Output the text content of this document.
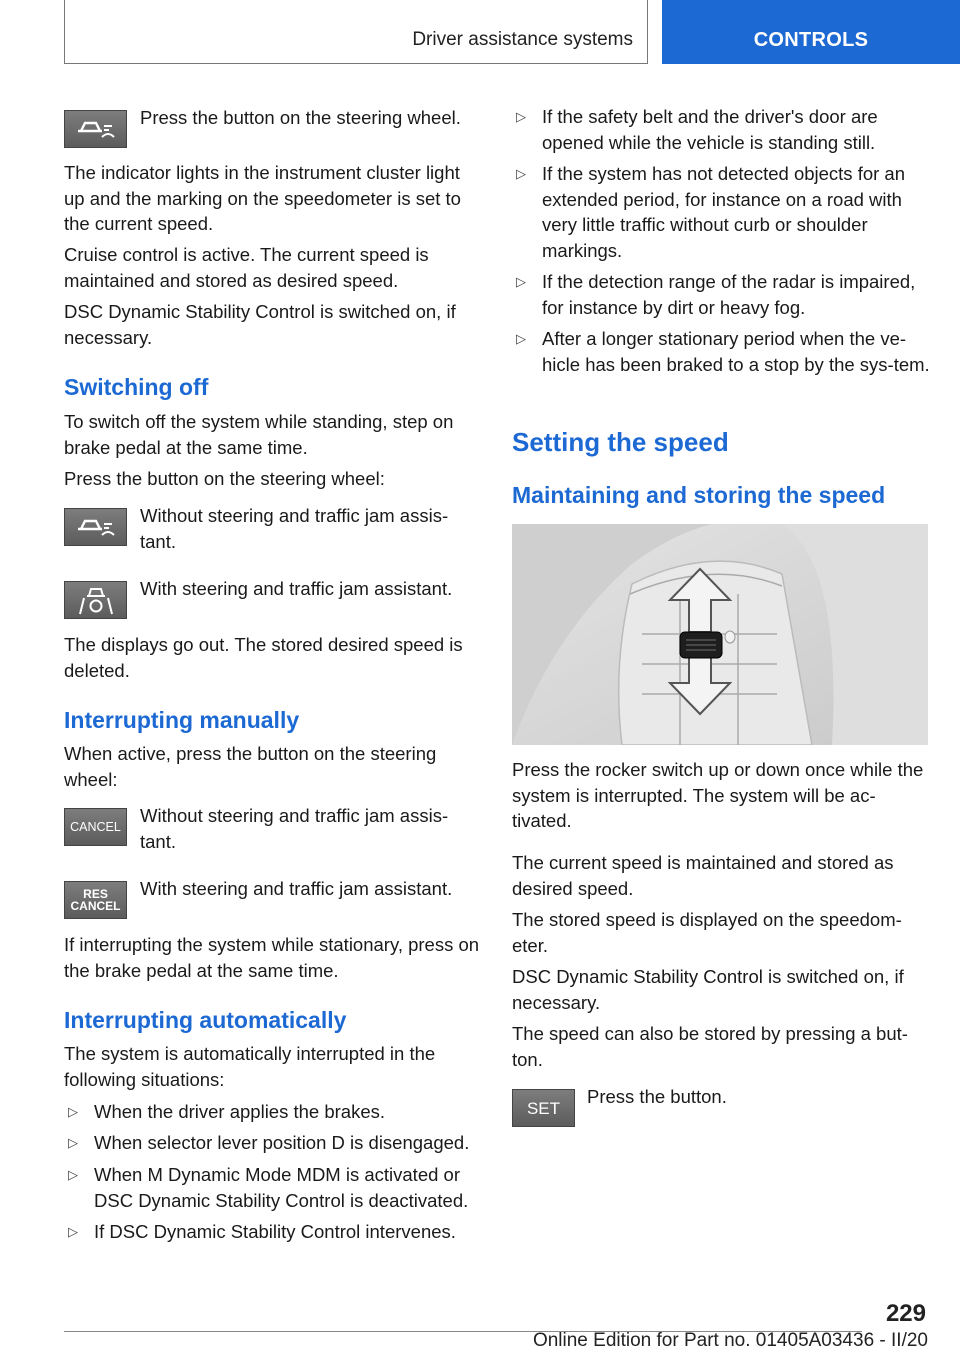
Driver assistance systems	CONTROLS

Press the button on the steering wheel.

The indicator lights in the instrument cluster light up and the marking on the speedometer is set to the current speed.

Cruise control is active. The current speed is maintained and stored as desired speed.

DSC Dynamic Stability Control is switched on, if necessary.

Switching off

To switch off the system while standing, step on brake pedal at the same time.

Press the button on the steering wheel:

Without steering and traffic jam assis-tant.

With steering and traffic jam assistant.

The displays go out. The stored desired speed is deleted.

Interrupting manually

When active, press the button on the steering wheel:

CANCEL

Without steering and traffic jam assis-tant.

RES
CANCEL

With steering and traffic jam assistant.

If interrupting the system while stationary, press on the brake pedal at the same time.

Interrupting automatically

The system is automatically interrupted in the following situations:

▷ When the driver applies the brakes.
▷ When selector lever position D is disengaged.
▷ When M Dynamic Mode MDM is activated or DSC Dynamic Stability Control is deactivated.
▷ If DSC Dynamic Stability Control intervenes.
▷ If the safety belt and the driver's door are opened while the vehicle is standing still.
▷ If the system has not detected objects for an extended period, for instance on a road with very little traffic without curb or shoulder markings.
▷ If the detection range of the radar is impaired, for instance by dirt or heavy fog.
▷ After a longer stationary period when the ve-hicle has been braked to a stop by the sys-tem.
Setting the speed
Maintaining and storing the speed

Press the rocker switch up or down once while the system is interrupted. The system will be ac-tivated.

The current speed is maintained and stored as desired speed.

The stored speed is displayed on the speedom-eter.

DSC Dynamic Stability Control is switched on, if necessary.

The speed can also be stored by pressing a but-ton.

SET

Press the button.

229
Online Edition for Part no. 01405A03436 - II/20
